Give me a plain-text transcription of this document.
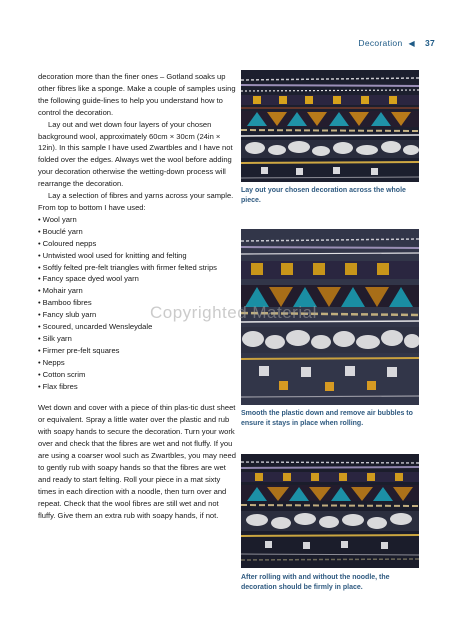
Decoration ◀ 37

decoration more than the finer ones – Gotland soaks up other fibres like a sponge. Make a couple of samples using the following guide-lines to help you understand how to control the decoration.

Lay out and wet down four layers of your chosen background wool, approximately 60cm × 30cm (24in × 12in). In this sample I have used Zwartbles and I have not folded over the edges. Always wet the wool before adding your decoration otherwise the wetting-down process will rearrange the decoration.

Lay a selection of fibres and yarns across your sample. From top to bottom I have used:

• Wool yarn
• Bouclé yarn
• Coloured nepps
• Untwisted wool used for knitting and felting
• Softly felted pre-felt triangles with firmer felted strips
• Fancy space dyed wool yarn
• Mohair yarn
• Bamboo fibres
• Fancy slub yarn
• Scoured, uncarded Wensleydale
• Silk yarn
• Firmer pre-felt squares
• Nepps
• Cotton scrim
• Flax fibres

Wet down and cover with a piece of thin plas-tic dust sheet or equivalent. Spray a little water over the plastic and rub with soapy hands to secure the decoration. Turn your work over and check that the fibres are wet and not fluffy. If you are using a coarser wool such as Zwartbles, you may need to gently rub with soapy hands so that the fibres are wet and ready to start felting. Roll your piece in a mat sixty times in each direction with a noodle, then turn over and repeat. Check that the wool fibres are still wet and not fluffy. Give them an extra rub with soapy hands, if not.

Lay out your chosen decoration across the whole piece.
Smooth the plastic down and remove air bubbles to ensure it stays in place when rolling.
After rolling with and without the noodle, the decoration should be firmly in place.
Copyrighted Material
